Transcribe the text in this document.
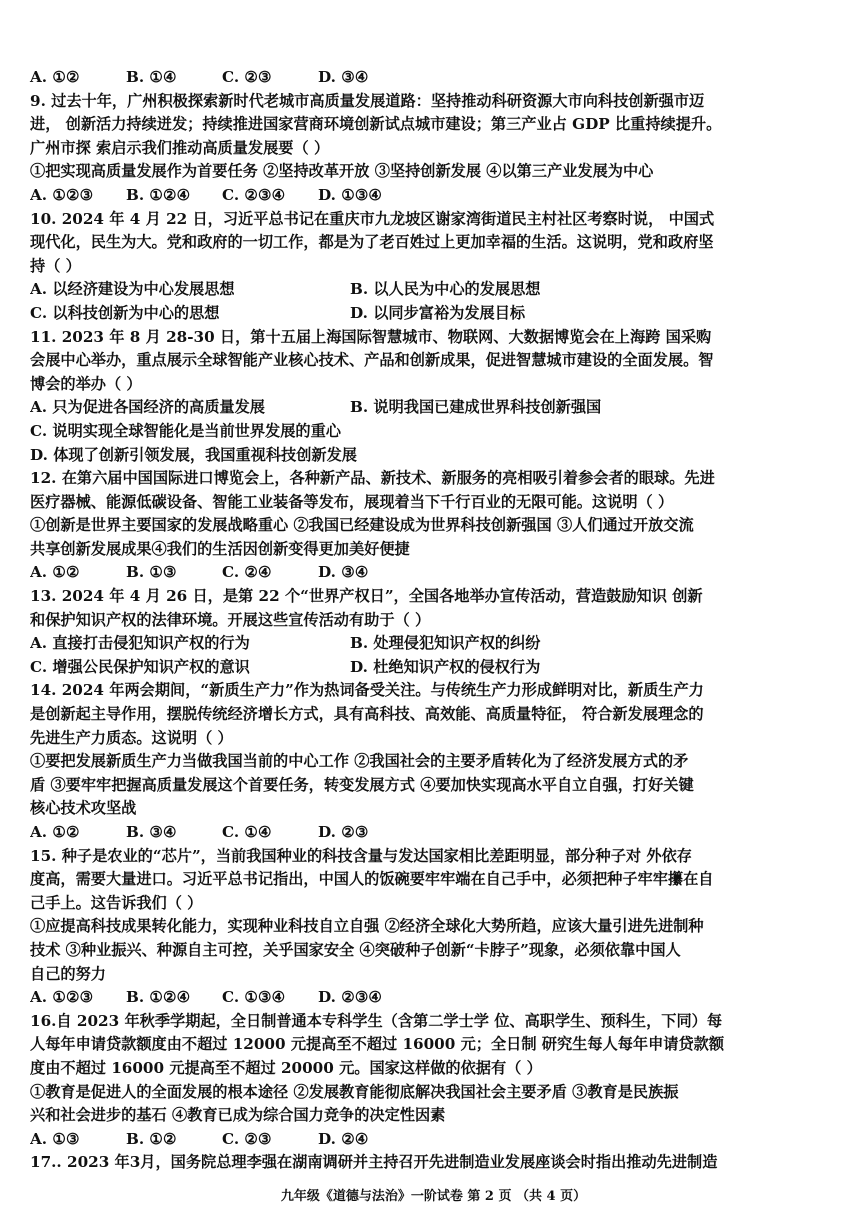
A. ①②	B. ①④	C. ②③	D. ③④
9. 过去十年，广州积极探索新时代老城市高质量发展道路：坚持推动科研资源大市向科技创新强市迈
进， 创新活力持续迸发；持续推进国家营商环境创新试点城市建设；第三产业占 GDP 比重持续提升。
广州市探 索启示我们推动高质量发展要（ ）
①把实现高质量发展作为首要任务 ②坚持改革开放 ③坚持创新发展 ④以第三产业发展为中心
A. ①②③	B. ①②④	C. ②③④	D. ①③④
10. 2024 年 4 月 22 日，习近平总书记在重庆市九龙坡区谢家湾街道民主村社区考察时说， 中国式
现代化，民生为大。党和政府的一切工作，都是为了老百姓过上更加幸福的生活。这说明，党和政府坚
持（ ）
A. 以经济建设为中心发展思想	B. 以人民为中心的发展思想
C. 以科技创新为中心的思想	D. 以同步富裕为发展目标
11. 2023 年 8 月 28-30 日，第十五届上海国际智慧城市、物联网、大数据博览会在上海跨 国采购
会展中心举办，重点展示全球智能产业核心技术、产品和创新成果，促进智慧城市建设的全面发展。智
博会的举办（ ）
A. 只为促进各国经济的高质量发展	B. 说明我国已建成世界科技创新强国
C. 说明实现全球智能化是当前世界发展的重心
D. 体现了创新引领发展，我国重视科技创新发展
12. 在第六届中国国际进口博览会上，各种新产品、新技术、新服务的亮相吸引着参会者的眼球。先进
医疗器械、能源低碳设备、智能工业装备等发布，展现着当下千行百业的无限可能。这说明（ ）
①创新是世界主要国家的发展战略重心 ②我国已经建设成为世界科技创新强国 ③人们通过开放交流
共享创新发展成果④我们的生活因创新变得更加美好便捷
A. ①②	B. ①③	C. ②④	D. ③④
13. 2024 年 4 月 26 日，是第 22 个“世界产权日”，全国各地举办宣传活动，营造鼓励知识 创新
和保护知识产权的法律环境。开展这些宣传活动有助于（ ）
A. 直接打击侵犯知识产权的行为	B. 处理侵犯知识产权的纠纷
C. 增强公民保护知识产权的意识	D. 杜绝知识产权的侵权行为
14. 2024 年两会期间，“新质生产力”作为热词备受关注。与传统生产力形成鲜明对比，新质生产力
是创新起主导作用，摆脱传统经济增长方式，具有高科技、高效能、高质量特征， 符合新发展理念的
先进生产力质态。这说明（ ）
①要把发展新质生产力当做我国当前的中心工作 ②我国社会的主要矛盾转化为了经济发展方式的矛
盾 ③要牢牢把握高质量发展这个首要任务，转变发展方式 ④要加快实现高水平自立自强，打好关键
核心技术攻坚战
A. ①②	B. ③④	C. ①④	D. ②③
15. 种子是农业的“芯片”，当前我国种业的科技含量与发达国家相比差距明显，部分种子对 外依存
度高，需要大量进口。习近平总书记指出，中国人的饭碗要牢牢端在自己手中，必须把种子牢牢攥在自
己手上。这告诉我们（ ）
①应提高科技成果转化能力，实现种业科技自立自强 ②经济全球化大势所趋，应该大量引进先进制种
技术 ③种业振兴、种源自主可控，关乎国家安全 ④突破种子创新“卡脖子”现象，必须依靠中国人
自己的努力
A. ①②③	B. ①②④	C. ①③④	D. ②③④
16.自 2023 年秋季学期起，全日制普通本专科学生（含第二学士学 位、高职学生、预科生，下同）每
人每年申请贷款额度由不超过 12000 元提高至不超过 16000 元；全日制 研究生每人每年申请贷款额
度由不超过 16000 元提高至不超过 20000 元。国家这样做的依据有（ ）
①教育是促进人的全面发展的根本途径 ②发展教育能彻底解决我国社会主要矛盾 ③教育是民族振
兴和社会进步的基石 ④教育已成为综合国力竞争的决定性因素
A. ①③	B. ①②	C. ②③	D. ②④
17.. 2023 年3月，国务院总理李强在湖南调研并主持召开先进制造业发展座谈会时指出推动先进制造
九年级《道德与法治》一阶试卷 第 2 页 （共 4 页）
